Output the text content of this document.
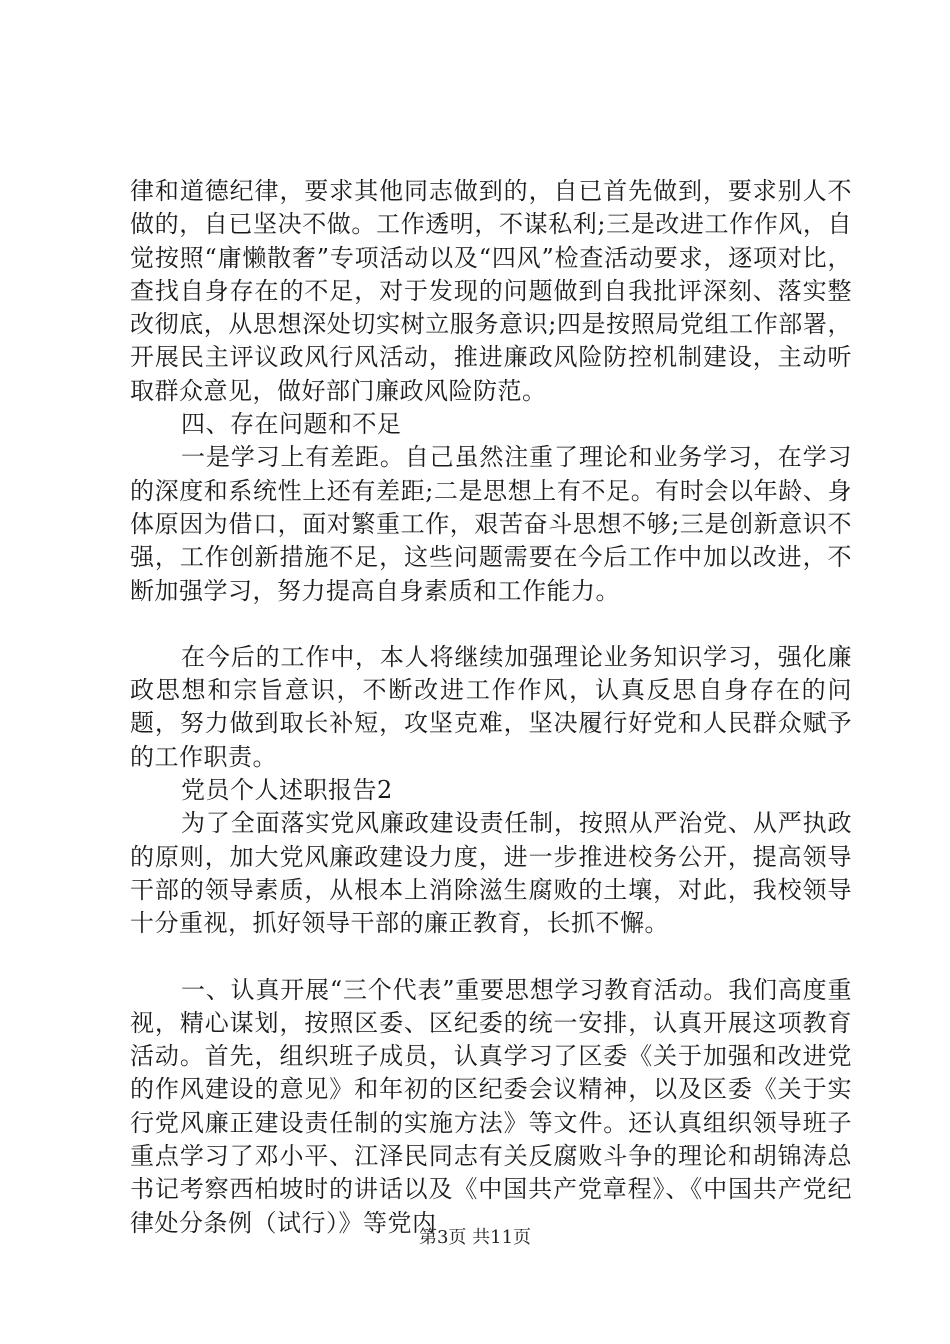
律和道德纪律，要求其他同志做到的，自已首先做到，要求别人不做的，自已坚决不做。工作透明，不谋私利;三是改进工作作风，自觉按照“庸懒散奢”专项活动以及“四风”检查活动要求，逐项对比，查找自身存在的不足，对于发现的问题做到自我批评深刻、落实整改彻底，从思想深处切实树立服务意识;四是按照局党组工作部署，开展民主评议政风行风活动，推进廉政风险防控机制建设，主动听取群众意见，做好部门廉政风险防范。

四、存在问题和不足

一是学习上有差距。自己虽然注重了理论和业务学习，在学习的深度和系统性上还有差距;二是思想上有不足。有时会以年龄、身体原因为借口，面对繁重工作，艰苦奋斗思想不够;三是创新意识不强，工作创新措施不足，这些问题需要在今后工作中加以改进，不断加强学习，努力提高自身素质和工作能力。

在今后的工作中，本人将继续加强理论业务知识学习，强化廉政思想和宗旨意识，不断改进工作作风，认真反思自身存在的问题，努力做到取长补短，攻坚克难，坚决履行好党和人民群众赋予的工作职责。

党员个人述职报告2

为了全面落实党风廉政建设责任制，按照从严治党、从严执政的原则，加大党风廉政建设力度，进一步推进校务公开，提高领导干部的领导素质，从根本上消除滋生腐败的土壤，对此，我校领导十分重视，抓好领导干部的廉正教育，长抓不懈。

一、认真开展“三个代表”重要思想学习教育活动。我们高度重视，精心谋划，按照区委、区纪委的统一安排，认真开展这项教育活动。首先，组织班子成员，认真学习了区委《关于加强和改进党的作风建设的意见》和年初的区纪委会议精神，以及区委《关于实行党风廉正建设责任制的实施方法》等文件。还认真组织领导班子重点学习了邓小平、江泽民同志有关反腐败斗争的理论和胡锦涛总书记考察西柏坡时的讲话以及《中国共产党章程》、《中国共产党纪律处分条例（试行）》等党内

第3页 共11页
